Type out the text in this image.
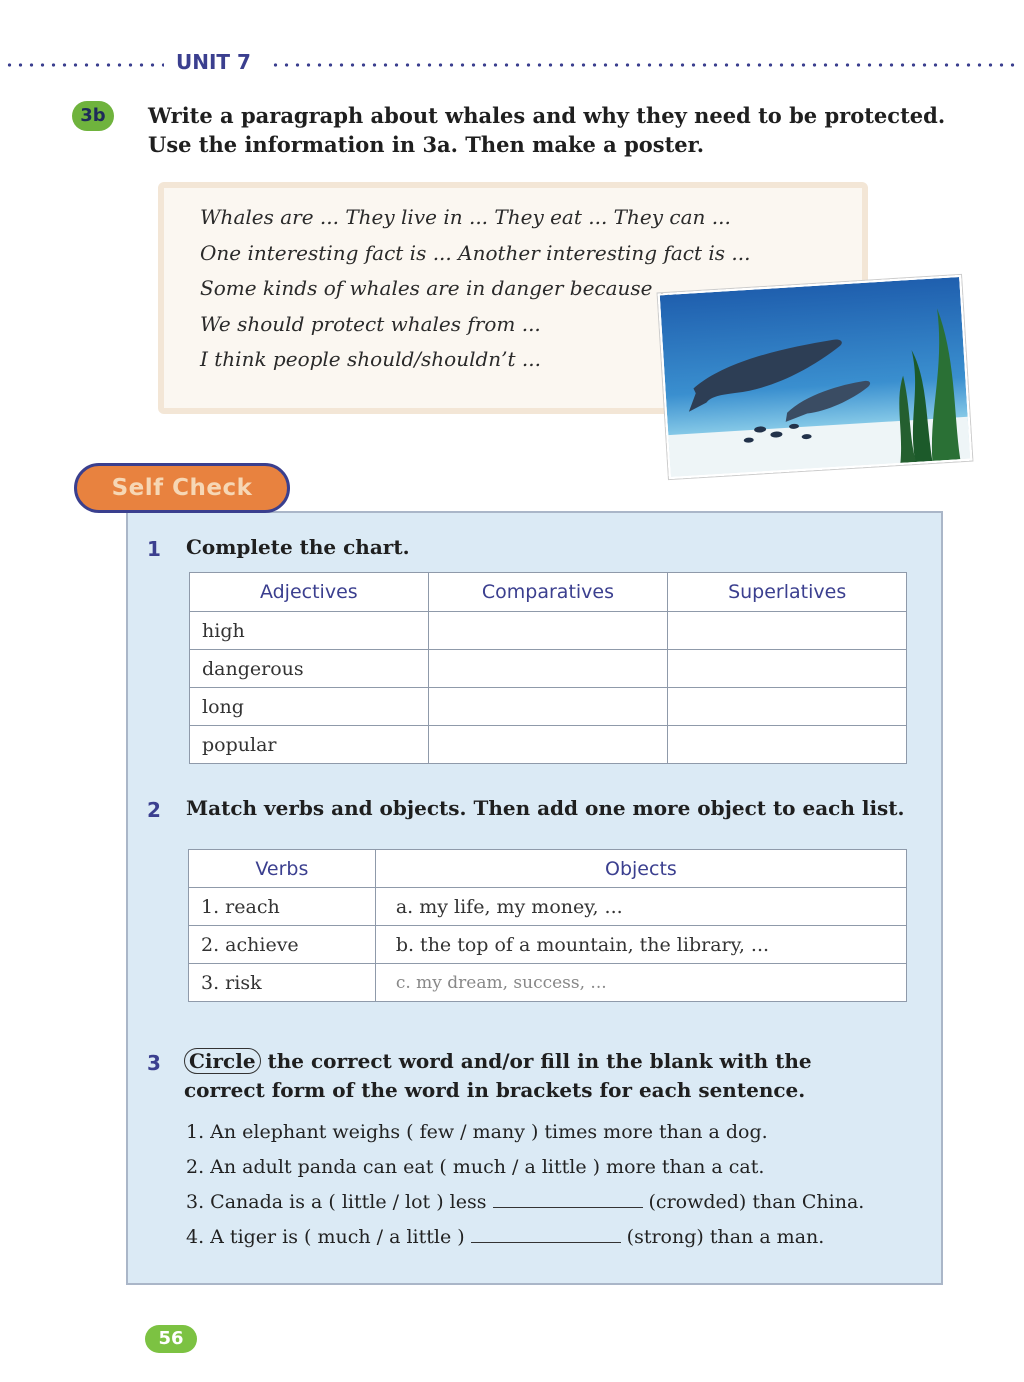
UNIT 7
3b	Write a paragraph about whales and why they need to be protected.
Use the information in 3a. Then make a poster.
Whales are ... They live in ... They eat ... They can ...
One interesting fact is ... Another interesting fact is ...
Some kinds of whales are in danger because ...
We should protect whales from ...
I think people should/shouldn’t ...
Self Check
1 Complete the chart.
Adjectives	Comparatives	Superlatives
high		
dangerous		
long		
popular		
2 Match verbs and objects. Then add one more object to each list.
Verbs	Objects
1. reach	a. my life, my money, ...
2. achieve	b. the top of a mountain, the library, ...
3. risk	c. my dream, success, ...
3 Circle the correct word and/or fill in the blank with the
correct form of the word in brackets for each sentence.
1. An elephant weighs ( few / many ) times more than a dog.
2. An adult panda can eat ( much / a little ) more than a cat.
3. Canada is a ( little / lot ) less	(crowded) than China.
4. A tiger is ( much / a little )	(strong) than a man.
56
